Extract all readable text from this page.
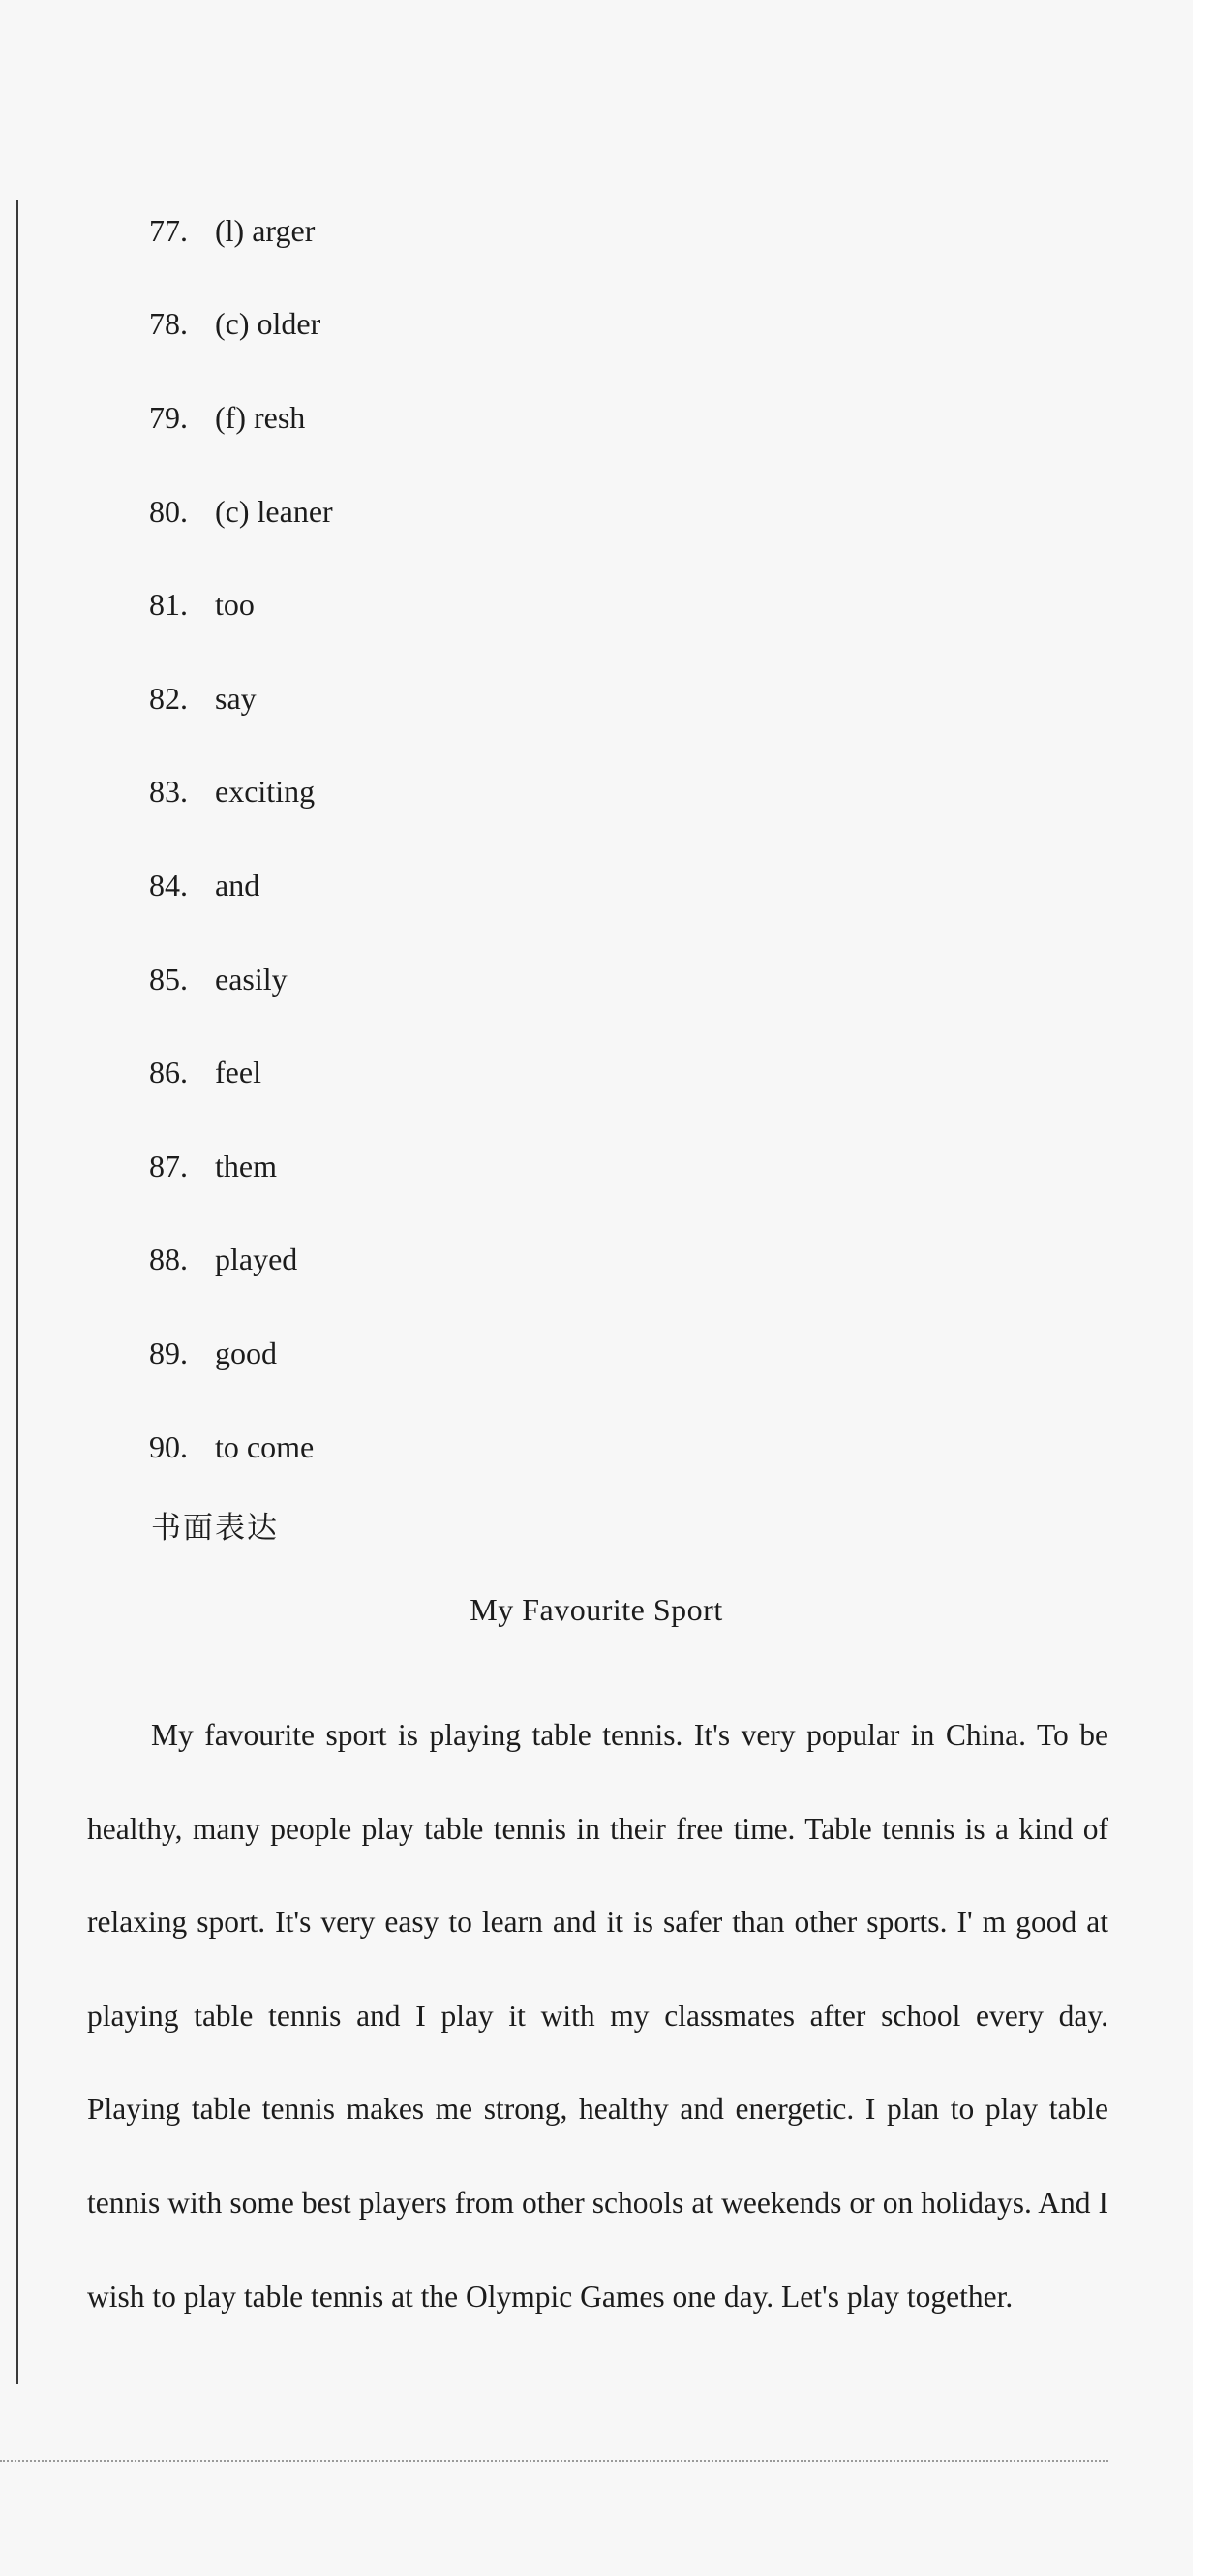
77. (l) arger
78. (c) older
79. (f) resh
80. (c) leaner
81. too
82. say
83. exciting
84. and
85. easily
86. feel
87. them
88. played
89. good
90. to come
书面表达
My Favourite Sport

My favourite sport is playing table tennis. It's very popular in China. To be healthy, many people play table tennis in their free time. Table tennis is a kind of relaxing sport. It's very easy to learn and it is safer than other sports. I' m good at playing table tennis and I play it with my classmates after school every day. Playing table tennis makes me strong, healthy and energetic. I plan to play table tennis with some best players from other schools at weekends or on holidays. And I wish to play table tennis at the Olympic Games one day. Let's play together.
